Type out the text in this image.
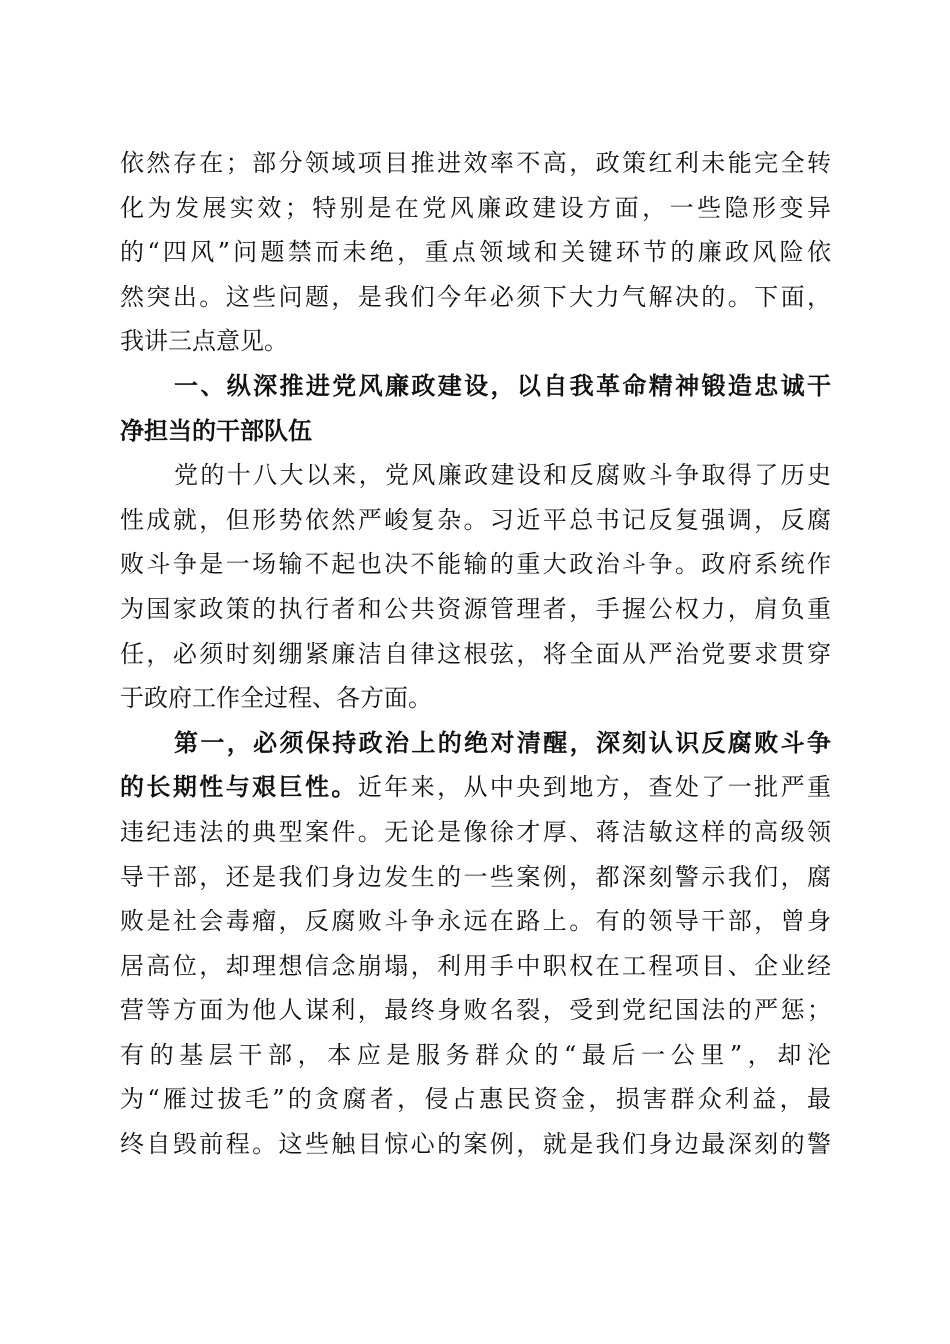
依然存在；部分领域项目推进效率不高，政策红利未能完全转
化为发展实效；特别是在党风廉政建设方面，一些隐形变异
的“四风”问题禁而未绝，重点领域和关键环节的廉政风险依
然突出。这些问题，是我们今年必须下大力气解决的。下面，
我讲三点意见。
一、纵深推进党风廉政建设，以自我革命精神锻造忠诚干
净担当的干部队伍
党的十八大以来，党风廉政建设和反腐败斗争取得了历史
性成就，但形势依然严峻复杂。习近平总书记反复强调，反腐
败斗争是一场输不起也决不能输的重大政治斗争。政府系统作
为国家政策的执行者和公共资源管理者，手握公权力，肩负重
任，必须时刻绷紧廉洁自律这根弦，将全面从严治党要求贯穿
于政府工作全过程、各方面。
第一，必须保持政治上的绝对清醒，深刻认识反腐败斗争
的长期性与艰巨性。近年来，从中央到地方，查处了一批严重
违纪违法的典型案件。无论是像徐才厚、蒋洁敏这样的高级领
导干部，还是我们身边发生的一些案例，都深刻警示我们，腐
败是社会毒瘤，反腐败斗争永远在路上。有的领导干部，曾身
居高位，却理想信念崩塌，利用手中职权在工程项目、企业经
营等方面为他人谋利，最终身败名裂，受到党纪国法的严惩；
有的基层干部，本应是服务群众的“最后一公里”，却沦
为“雁过拔毛”的贪腐者，侵占惠民资金，损害群众利益，最
终自毁前程。这些触目惊心的案例，就是我们身边最深刻的警
